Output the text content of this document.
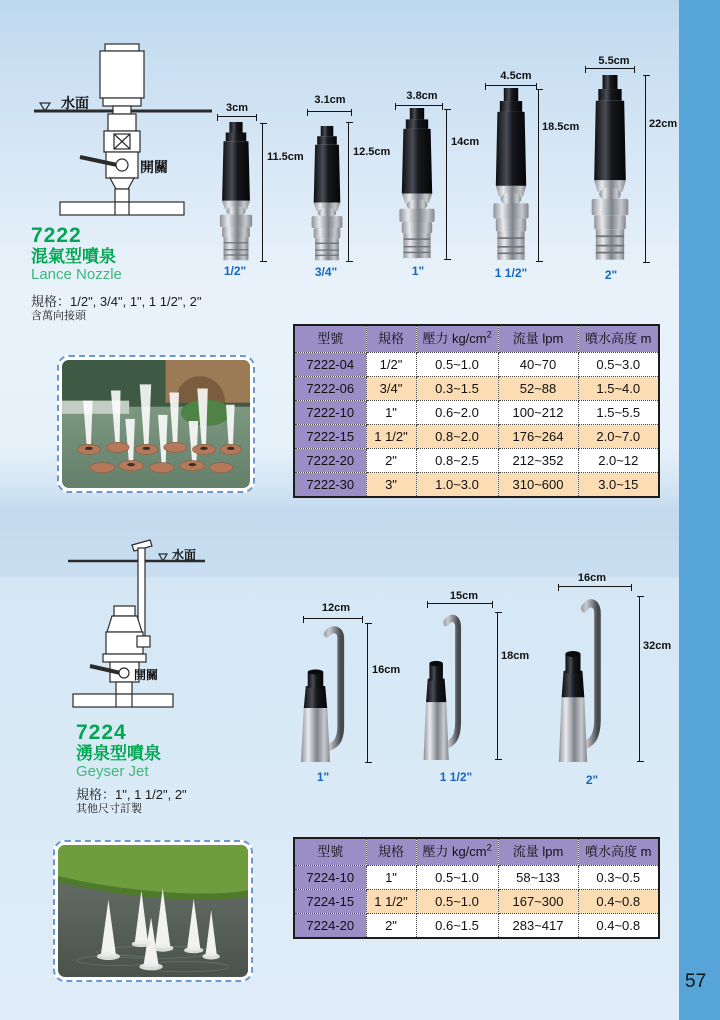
57
水面
開關
7222
混氣型噴泉
Lance Nozzle
規格：1/2", 3/4", 1", 1 1/2", 2"
含萬向接頭
3cm
11.5cm
1/2"
3.1cm
12.5cm
3/4"
3.8cm
14cm
1"
4.5cm
18.5cm
1 1/2"
5.5cm
22cm
2"
型號	規格	壓力 $kg/cm^2$	流量 lpm	噴水高度 m
7222-04	1/2"	0.5~1.0	40~70	0.5~3.0
7222-06	3/4"	0.3~1.5	52~88	1.5~4.0
7222-10	1"	0.6~2.0	100~212	1.5~5.5
7222-15	1 1/2"	0.8~2.0	176~264	2.0~7.0
7222-20	2"	0.8~2.5	212~352	2.0~12
7222-30	3"	1.0~3.0	310~600	3.0~15
水面
開關
7224
湧泉型噴泉
Geyser Jet
規格：1", 1 1/2", 2"
其他尺寸訂製
12cm
16cm
1"
15cm
18cm
1 1/2"
16cm
32cm
2"
型號	規格	壓力 $kg/cm^2$	流量 lpm	噴水高度 m
7224-10	1"	0.5~1.0	58~133	0.3~0.5
7224-15	1 1/2"	0.5~1.0	167~300	0.4~0.8
7224-20	2"	0.6~1.5	283~417	0.4~0.8
